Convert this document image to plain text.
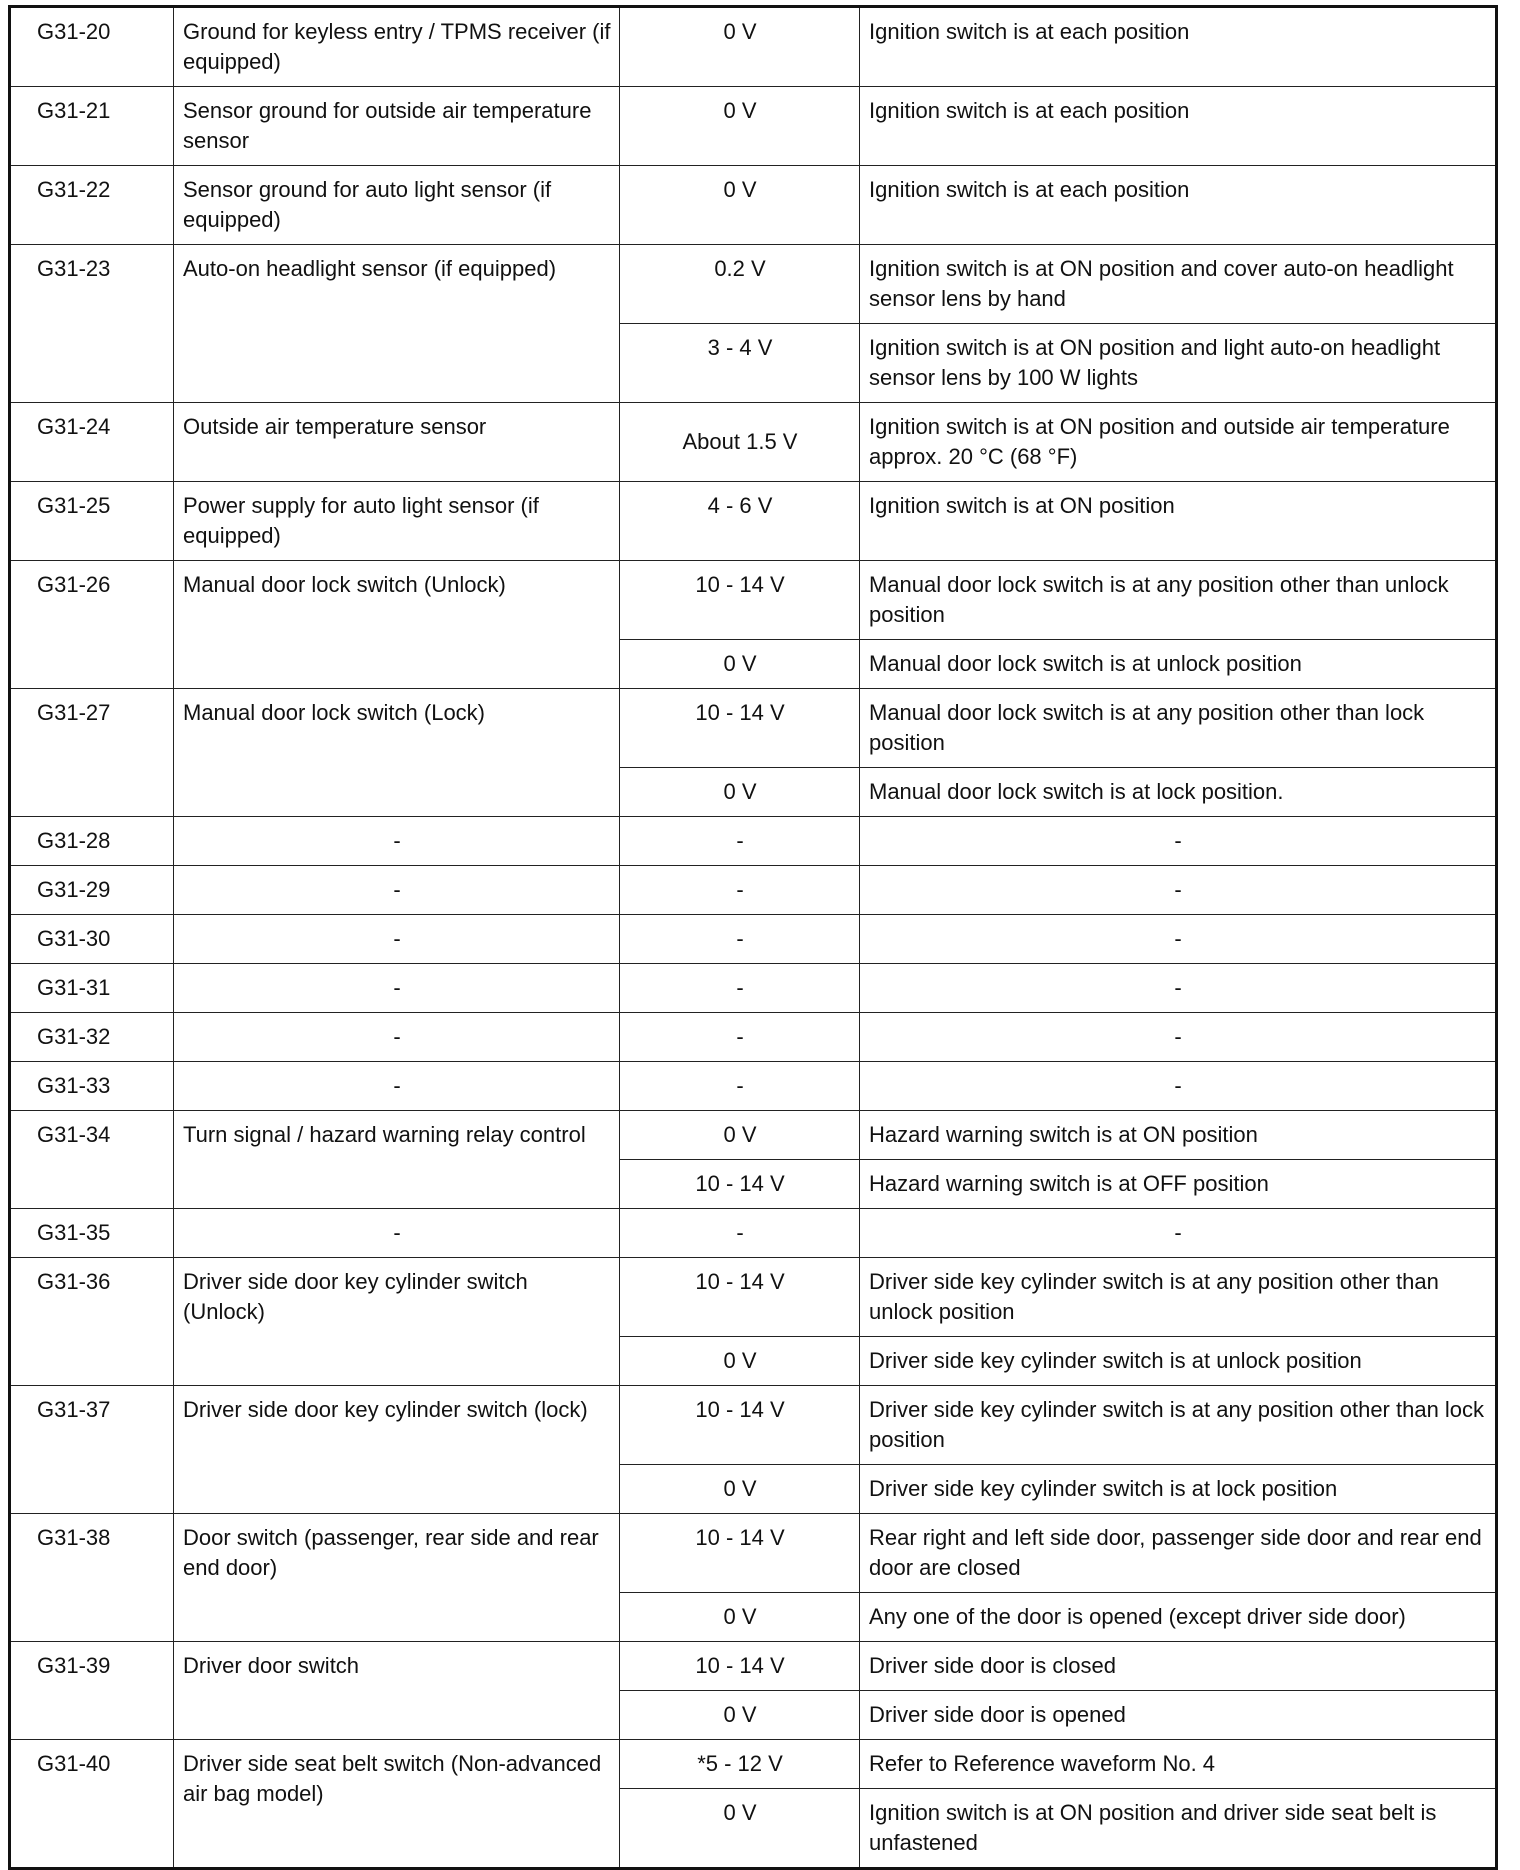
G31-20	Ground for keyless entry / TPMS receiver (if equipped)	0 V	Ignition switch is at each position
G31-21	Sensor ground for outside air temperature sensor	0 V	Ignition switch is at each position
G31-22	Sensor ground for auto light sensor (if equipped)	0 V	Ignition switch is at each position
G31-23	Auto-on headlight sensor (if equipped)	0.2 V	Ignition switch is at ON position and cover auto-on headlight sensor lens by hand
		3 - 4 V	Ignition switch is at ON position and light auto-on headlight sensor lens by 100 W lights
G31-24	Outside air temperature sensor	About 1.5 V	Ignition switch is at ON position and outside air temperature approx. 20 °C (68 °F)
G31-25	Power supply for auto light sensor (if equipped)	4 - 6 V	Ignition switch is at ON position
G31-26	Manual door lock switch (Unlock)	10 - 14 V	Manual door lock switch is at any position other than unlock position
		0 V	Manual door lock switch is at unlock position
G31-27	Manual door lock switch (Lock)	10 - 14 V	Manual door lock switch is at any position other than lock position
		0 V	Manual door lock switch is at lock position.
G31-28	-	-	-
G31-29	-	-	-
G31-30	-	-	-
G31-31	-	-	-
G31-32	-	-	-
G31-33	-	-	-
G31-34	Turn signal / hazard warning relay control	0 V	Hazard warning switch is at ON position
		10 - 14 V	Hazard warning switch is at OFF position
G31-35	-	-	-
G31-36	Driver side door key cylinder switch (Unlock)	10 - 14 V	Driver side key cylinder switch is at any position other than unlock position
		0 V	Driver side key cylinder switch is at unlock position
G31-37	Driver side door key cylinder switch (lock)	10 - 14 V	Driver side key cylinder switch is at any position other than lock position
		0 V	Driver side key cylinder switch is at lock position
G31-38	Door switch (passenger, rear side and rear end door)	10 - 14 V	Rear right and left side door, passenger side door and rear end door are closed
		0 V	Any one of the door is opened (except driver side door)
G31-39	Driver door switch	10 - 14 V	Driver side door is closed
		0 V	Driver side door is opened
G31-40	Driver side seat belt switch (Non-advanced air bag model)	*5 - 12 V	Refer to Reference waveform No. 4
		0 V	Ignition switch is at ON position and driver side seat belt is unfastened
